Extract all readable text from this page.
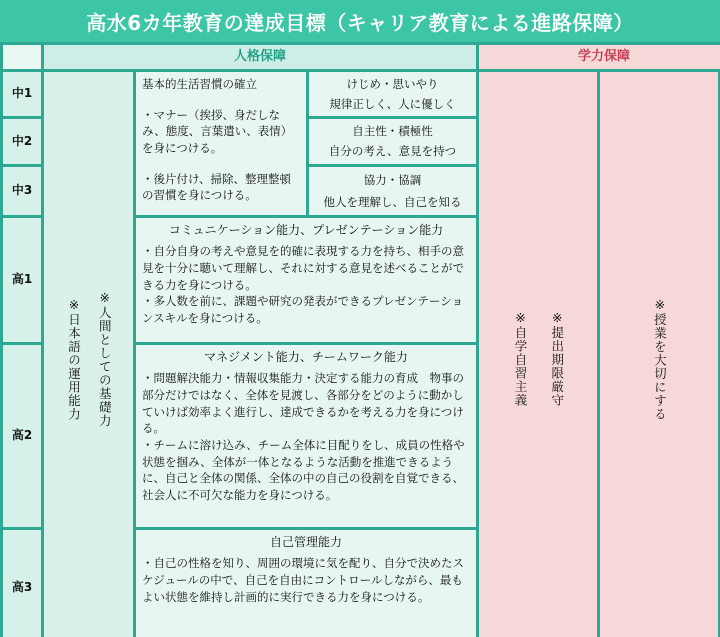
高水6カ年教育の達成目標（キャリア教育による進路保障）
人格保障	学力保障
中1
中2
中3
高1
高2
高3
※日本語の運用能力 ※人間としての基礎力
基本的生活習慣の確立

・マナー（挨拶、身だしなみ、態度、言葉遣い、表情）を身につける。

・後片付け、掃除、整理整頓の習慣を身につける。

けじめ・思いやり
規律正しく、人に優しく
自主性・積極性
自分の考え、意見を持つ
協力・協調
他人を理解し、自己を知る
コミュニケーション能力、プレゼンテーション能力

・自分自身の考えや意見を的確に表現する力を持ち、相手の意見を十分に聴いて理解し、それに対する意見を述べることができる力を身につける。

・多人数を前に、課題や研究の発表ができるプレゼンテーションスキルを身につける。

マネジメント能力、チームワーク能力

・問題解決能力・情報収集能力・決定する能力の育成　物事の部分だけではなく、全体を見渡し、各部分をどのように動かしていけば効率よく進行し、達成できるかを考える力を身につける。

・チームに溶け込み、チーム全体に目配りをし、成員の性格や状態を掴み、全体が一体となるような活動を推進できるように、自己と全体の関係、全体の中の自己の役割を自覚できる、社会人に不可欠な能力を身につける。

自己管理能力

・自己の性格を知り、周囲の環境に気を配り、自分で決めたスケジュールの中で、自己を自由にコントロールしながら、最もよい状態を維持し計画的に実行できる力を身につける。

※自学自習主義 ※提出期限厳守	※授業を大切にする
